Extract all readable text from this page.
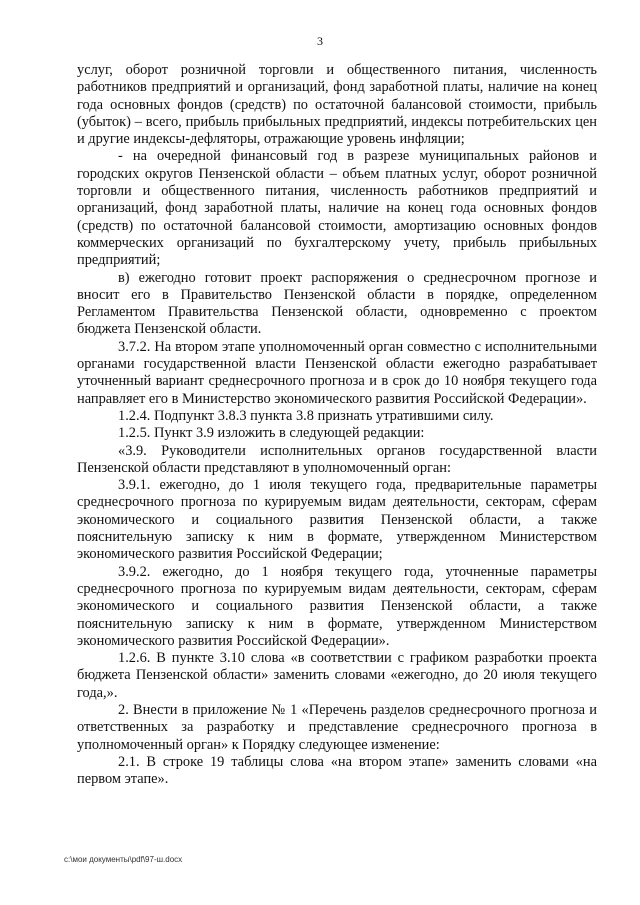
3

услуг, оборот розничной торговли и общественного питания, численность работников предприятий и организаций, фонд заработной платы, наличие на конец года основных фондов (средств) по остаточной балансовой стоимости, прибыль (убыток) – всего, прибыль прибыльных предприятий, индексы потребительских цен и другие индексы-дефляторы, отражающие уровень инфляции;

- на очередной финансовый год в разрезе муниципальных районов и городских округов Пензенской области – объем платных услуг, оборот розничной торговли и общественного питания, численность работников предприятий и организаций, фонд заработной платы, наличие на конец года основных фондов (средств) по остаточной балансовой стоимости, амортизацию основных фондов коммерческих организаций по бухгалтерскому учету, прибыль прибыльных предприятий;

в) ежегодно готовит проект распоряжения о среднесрочном прогнозе и вносит его в Правительство Пензенской области в порядке, определенном Регламентом Правительства Пензенской области, одновременно с проектом бюджета Пензенской области.

3.7.2. На втором этапе уполномоченный орган совместно с исполнительными органами государственной власти Пензенской области ежегодно разрабатывает уточненный вариант среднесрочного прогноза и в срок до 10 ноября текущего года направляет его в Министерство экономического развития Российской Федерации».

1.2.4. Подпункт 3.8.3 пункта 3.8 признать утратившими силу.

1.2.5. Пункт 3.9 изложить в следующей редакции:

«3.9. Руководители исполнительных органов государственной власти Пензенской области представляют в уполномоченный орган:

3.9.1. ежегодно, до 1 июля текущего года, предварительные параметры среднесрочного прогноза по курируемым видам деятельности, секторам, сферам экономического и социального развития Пензенской области, а также пояснительную записку к ним в формате, утвержденном Министерством экономического развития Российской Федерации;

3.9.2. ежегодно, до 1 ноября текущего года, уточненные параметры среднесрочного прогноза по курируемым видам деятельности, секторам, сферам экономического и социального развития Пензенской области, а также пояснительную записку к ним в формате, утвержденном Министерством экономического развития Российской Федерации».

1.2.6. В пункте 3.10 слова «в соответствии с графиком разработки проекта бюджета Пензенской области» заменить словами «ежегодно, до 20 июля текущего года,».

2. Внести в приложение № 1 «Перечень разделов среднесрочного прогноза и ответственных за разработку и представление среднесрочного прогноза в уполномоченный орган» к Порядку следующее изменение:

2.1. В строке 19 таблицы слова «на втором этапе» заменить словами «на первом этапе».

c:\мои документы\pdf\97-ш.docx
